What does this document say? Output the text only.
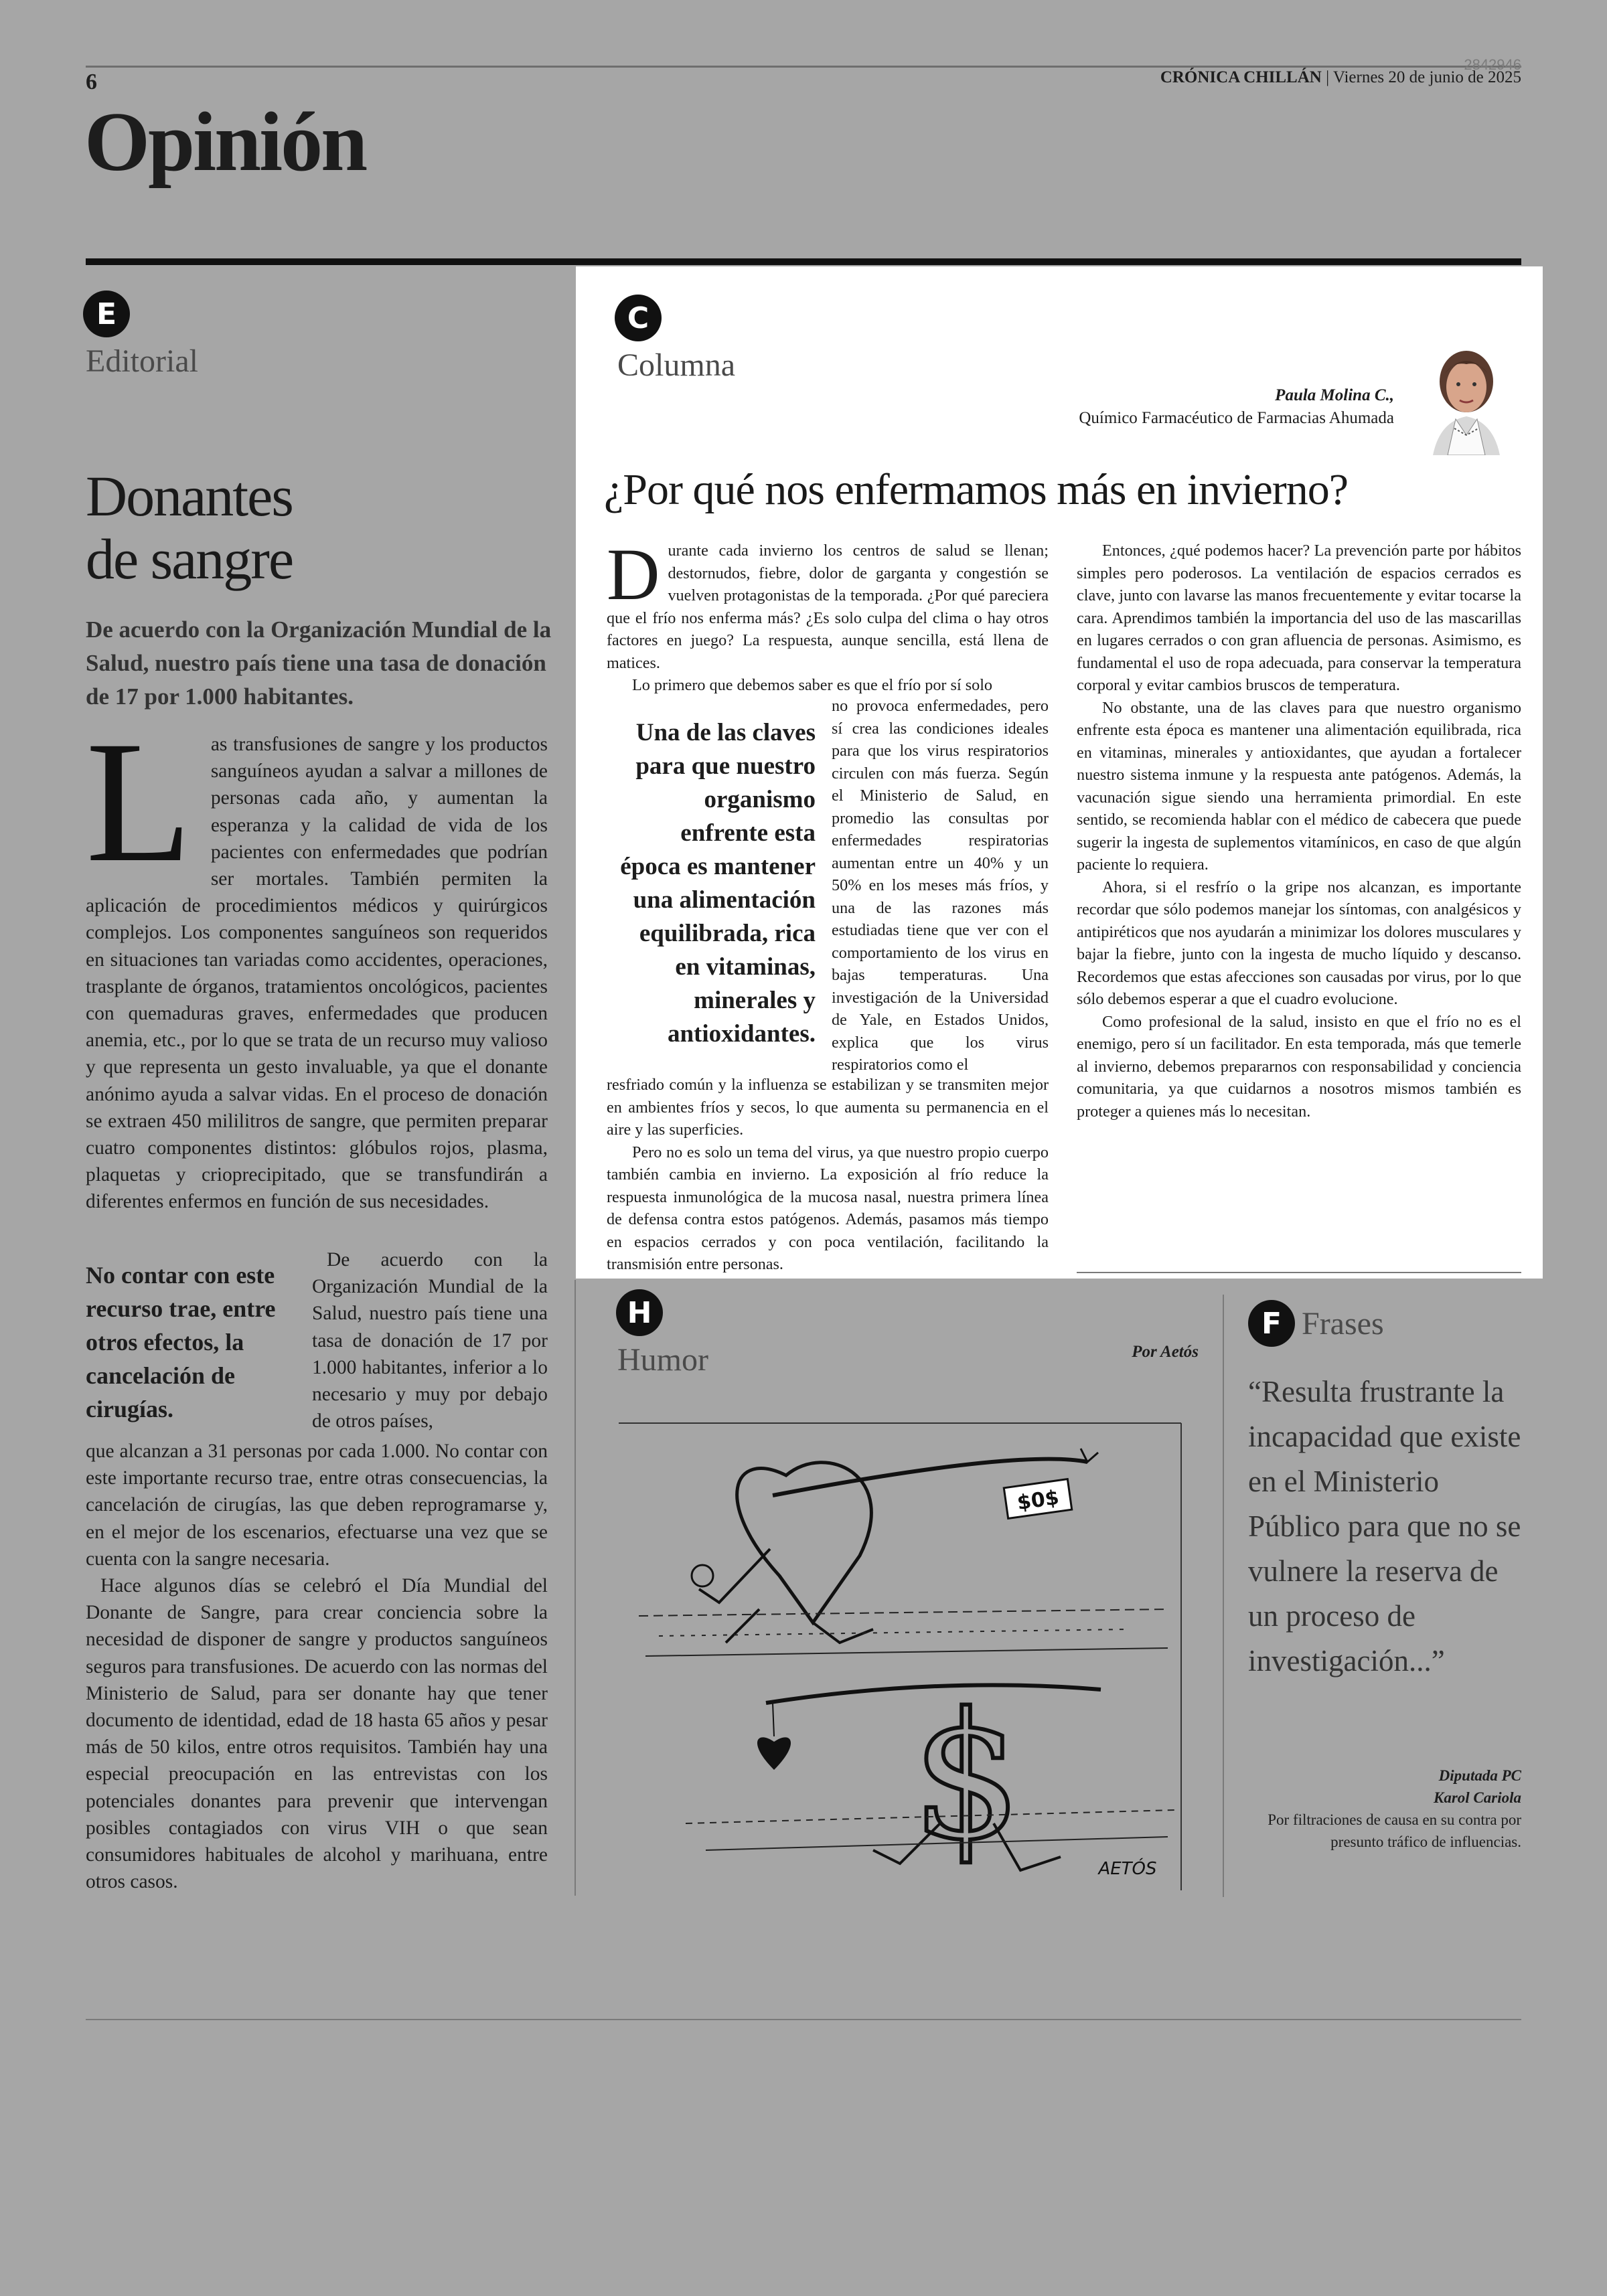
6
2842946
CRÓNICA CHILLÁN | Viernes 20 de junio de 2025
Opinión
E
Editorial
Donantes
de sangre
De acuerdo con la Organización Mundial de la Salud, nuestro país tiene una tasa de donación de 17 por 1.000 habitantes.

Las transfusiones de sangre y los productos sanguíneos ayudan a salvar a millones de personas cada año, y aumentan la esperanza y la calidad de vida de los pacientes con enfermedades que podrían ser mortales. También permiten la aplicación de procedimientos médicos y quirúrgicos complejos. Los componentes sanguíneos son requeridos en situaciones tan variadas como accidentes, operaciones, trasplante de órganos, tratamientos oncológicos, pacientes con quemaduras graves, enfermedades que producen anemia, etc., por lo que se trata de un recurso muy valioso y que representa un gesto invaluable, ya que el donante anónimo ayuda a salvar vidas. En el proceso de donación se extraen 450 mililitros de sangre, que permiten preparar cuatro componentes distintos: glóbulos rojos, plasma, plaquetas y crioprecipitado, que se transfundirán a diferentes enfermos en función de sus necesidades.

No contar con este recurso trae, entre otros efectos, la cancelación de cirugías.

De acuerdo con la Organización Mundial de la Salud, nuestro país tiene una tasa de donación de 17 por 1.000 habitantes, inferior a lo necesario y muy por debajo de otros países,

que alcanzan a 31 personas por cada 1.000. No contar con este importante recurso trae, entre otras consecuencias, la cancelación de cirugías, las que deben reprogramarse y, en el mejor de los escenarios, efectuarse una vez que se cuenta con la sangre necesaria.

Hace algunos días se celebró el Día Mundial del Donante de Sangre, para crear conciencia sobre la necesidad de disponer de sangre y productos sanguíneos seguros para transfusiones. De acuerdo con las normas del Ministerio de Salud, para ser donante hay que tener documento de identidad, edad de 18 hasta 65 años y pesar más de 50 kilos, entre otros requisitos. También hay una especial preocupación en las entrevistas con los potenciales donantes para prevenir que intervengan posibles contagiados con virus VIH o que sean consumidores habituales de alcohol y marihuana, entre otros casos.

C
Columna
Paula Molina C.,
Químico Farmacéutico de Farmacias Ahumada
¿Por qué nos enfermamos más en invierno?

Durante cada invierno los centros de salud se llenan; destornudos, fiebre, dolor de garganta y congestión se vuelven protagonistas de la temporada. ¿Por qué pareciera que el frío nos enferma más? ¿Es solo culpa del clima o hay otros factores en juego? La respuesta, aunque sencilla, está llena de matices.

Lo primero que debemos saber es que el frío por sí solo

Una de las claves para que nuestro organismo enfrente esta época es mantener una alimentación equilibrada, rica en vitaminas, minerales y antioxidantes.

no provoca enfermedades, pero sí crea las condiciones ideales para que los virus respiratorios circulen con más fuerza. Según el Ministerio de Salud, en promedio las consultas por enfermedades respiratorias aumentan entre un 40% y un 50% en los meses más fríos, y una de las razones más estudiadas tiene que ver con el comportamiento de los virus en bajas temperaturas. Una investigación de la Universidad de Yale, en Estados Unidos, explica que los virus respiratorios como el

resfriado común y la influenza se estabilizan y se transmiten mejor en ambientes fríos y secos, lo que aumenta su permanencia en el aire y las superficies.

Pero no es solo un tema del virus, ya que nuestro propio cuerpo también cambia en invierno. La exposición al frío reduce la respuesta inmunológica de la mucosa nasal, nuestra primera línea de defensa contra estos patógenos. Además, pasamos más tiempo en espacios cerrados y con poca ventilación, facilitando la transmisión entre personas.

Entonces, ¿qué podemos hacer? La prevención parte por hábitos simples pero poderosos. La ventilación de espacios cerrados es clave, junto con lavarse las manos frecuentemente y evitar tocarse la cara. Aprendimos también la importancia del uso de las mascarillas en lugares cerrados o con gran afluencia de personas. Asimismo, es fundamental el uso de ropa adecuada, para conservar la temperatura corporal y evitar cambios bruscos de temperatura.

No obstante, una de las claves para que nuestro organismo enfrente esta época es mantener una alimentación equilibrada, rica en vitaminas, minerales y antioxidantes, que ayudan a fortalecer nuestro sistema inmune y la respuesta ante patógenos. Además, la vacunación sigue siendo una herramienta primordial. En este sentido, se recomienda hablar con el médico de cabecera que puede sugerir la ingesta de suplementos vitamínicos, en caso de que algún paciente lo requiera.

Ahora, si el resfrío o la gripe nos alcanzan, es importante recordar que sólo podemos manejar los síntomas, con analgésicos y antipiréticos que nos ayudarán a minimizar los dolores musculares y bajar la fiebre, junto con la ingesta de mucho líquido y descanso. Recordemos que estas afecciones son causadas por virus, por lo que sólo debemos esperar a que el cuadro evolucione.

Como profesional de la salud, insisto en que el frío no es el enemigo, pero sí un facilitador. En esta temporada, más que temerle al invierno, debemos prepararnos con responsabilidad y conciencia comunitaria, ya que cuidarnos a nosotros mismos también es proteger a quienes más lo necesitan.

H
Humor	Por Aetós
$0$
$	AETÓS
F Frases
“Resulta frustrante la incapacidad que existe en el Ministerio Público para que no se vulnere la reserva de un proceso de investigación...”
Diputada PC
Karol Cariola
Por filtraciones de causa en su contra por presunto tráfico de influencias.
